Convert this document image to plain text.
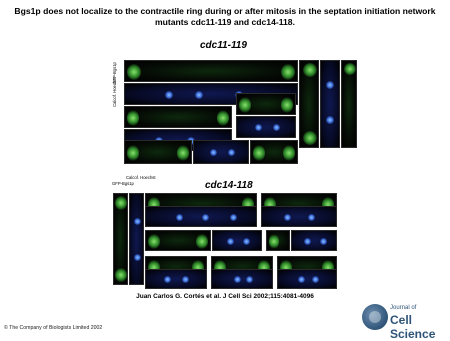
Bgs1p does not localize to the contractile ring during or after mitosis in the septation initiation network mutants cdc11-119 and cdc14-118.
cdc11-119
GFP-Bgs1p
Calcof. Hoechst
cdc14-118
GFP-Bgs1p
Calcof. Hoechst
Juan Carlos G. Cortés et al. J Cell Sci 2002;115:4081-4096
© The Company of Biologists Limited 2002
Journal of
Cell Science
